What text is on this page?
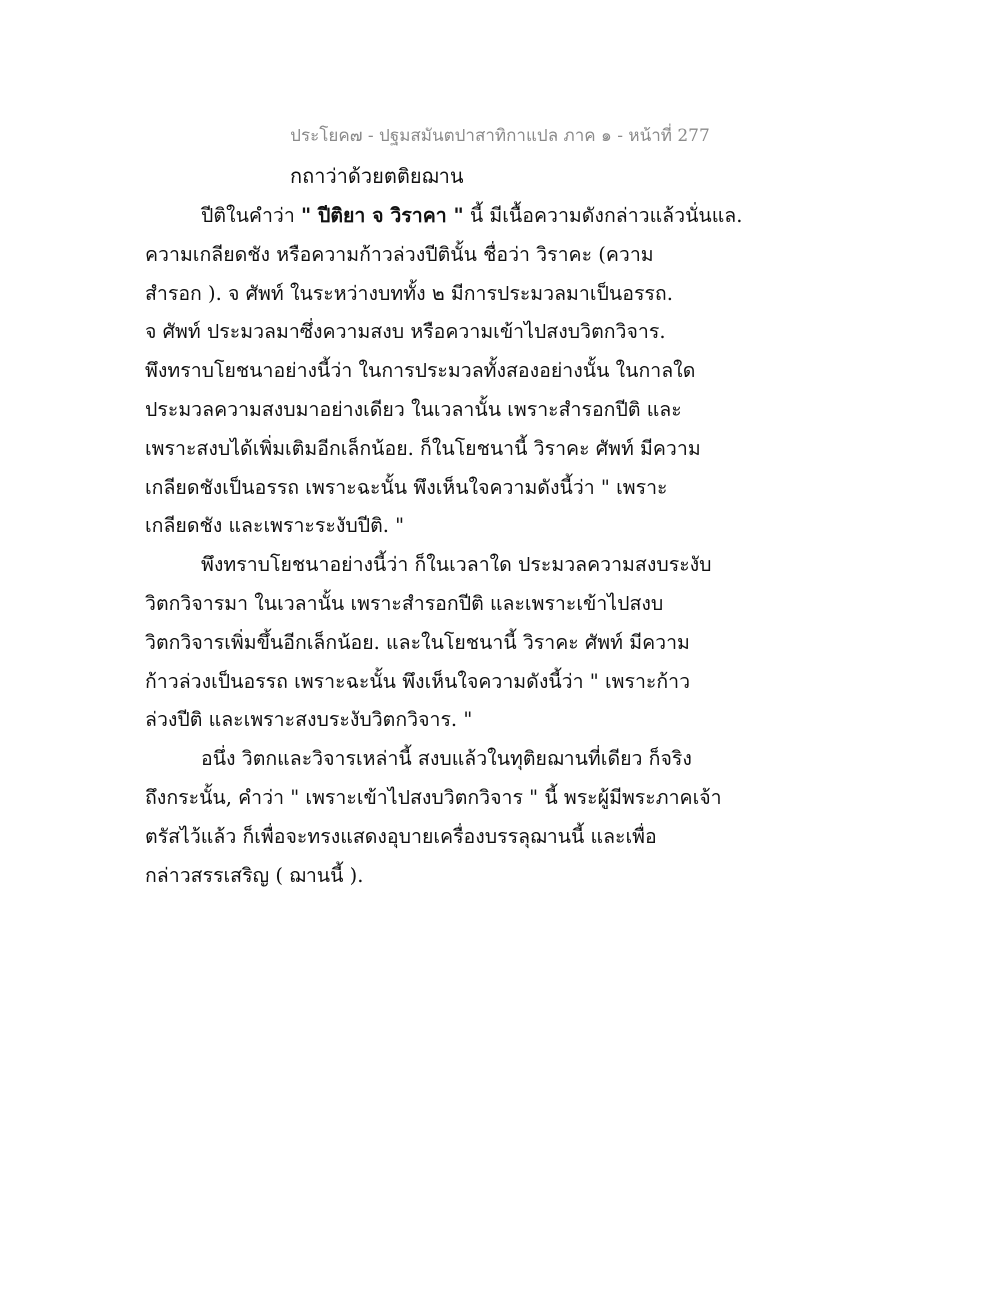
ประโยค๗ - ปฐมสมันตปาสาทิกาแปล ภาค ๑ - หน้าที่ 277
กถาว่าด้วยตติยฌาน
ปีติในคำว่า " ปีติยา จ วิราคา " นี้ มีเนื้อความดังกล่าวแล้วนั่นแล.
ความเกลียดชัง หรือความก้าวล่วงปีตินั้น ชื่อว่า วิราคะ (ความ
สำรอก ). จ ศัพท์ ในระหว่างบททั้ง ๒ มีการประมวลมาเป็นอรรถ.
จ ศัพท์ ประมวลมาซึ่งความสงบ หรือความเข้าไปสงบวิตกวิจาร.
พึงทราบโยชนาอย่างนี้ว่า ในการประมวลทั้งสองอย่างนั้น ในกาลใด
ประมวลความสงบมาอย่างเดียว ในเวลานั้น เพราะสำรอกปีติ และ
เพราะสงบได้เพิ่มเติมอีกเล็กน้อย. ก็ในโยชนานี้ วิราคะ ศัพท์ มีความ
เกลียดชังเป็นอรรถ เพราะฉะนั้น พึงเห็นใจความดังนี้ว่า " เพราะ
เกลียดชัง และเพราะระงับปีติ. "
พึงทราบโยชนาอย่างนี้ว่า ก็ในเวลาใด ประมวลความสงบระงับ
วิตกวิจารมา ในเวลานั้น เพราะสำรอกปีติ และเพราะเข้าไปสงบ
วิตกวิจารเพิ่มขึ้นอีกเล็กน้อย. และในโยชนานี้ วิราคะ ศัพท์ มีความ
ก้าวล่วงเป็นอรรถ เพราะฉะนั้น พึงเห็นใจความดังนี้ว่า " เพราะก้าว
ล่วงปีติ และเพราะสงบระงับวิตกวิจาร. "
อนึ่ง วิตกและวิจารเหล่านี้ สงบแล้วในทุติยฌานที่เดียว ก็จริง
ถึงกระนั้น, คำว่า " เพราะเข้าไปสงบวิตกวิจาร " นี้ พระผู้มีพระภาคเจ้า
ตรัสไว้แล้ว ก็เพื่อจะทรงแสดงอุบายเครื่องบรรลุฌานนี้ และเพื่อ
กล่าวสรรเสริญ ( ฌานนี้ ).
